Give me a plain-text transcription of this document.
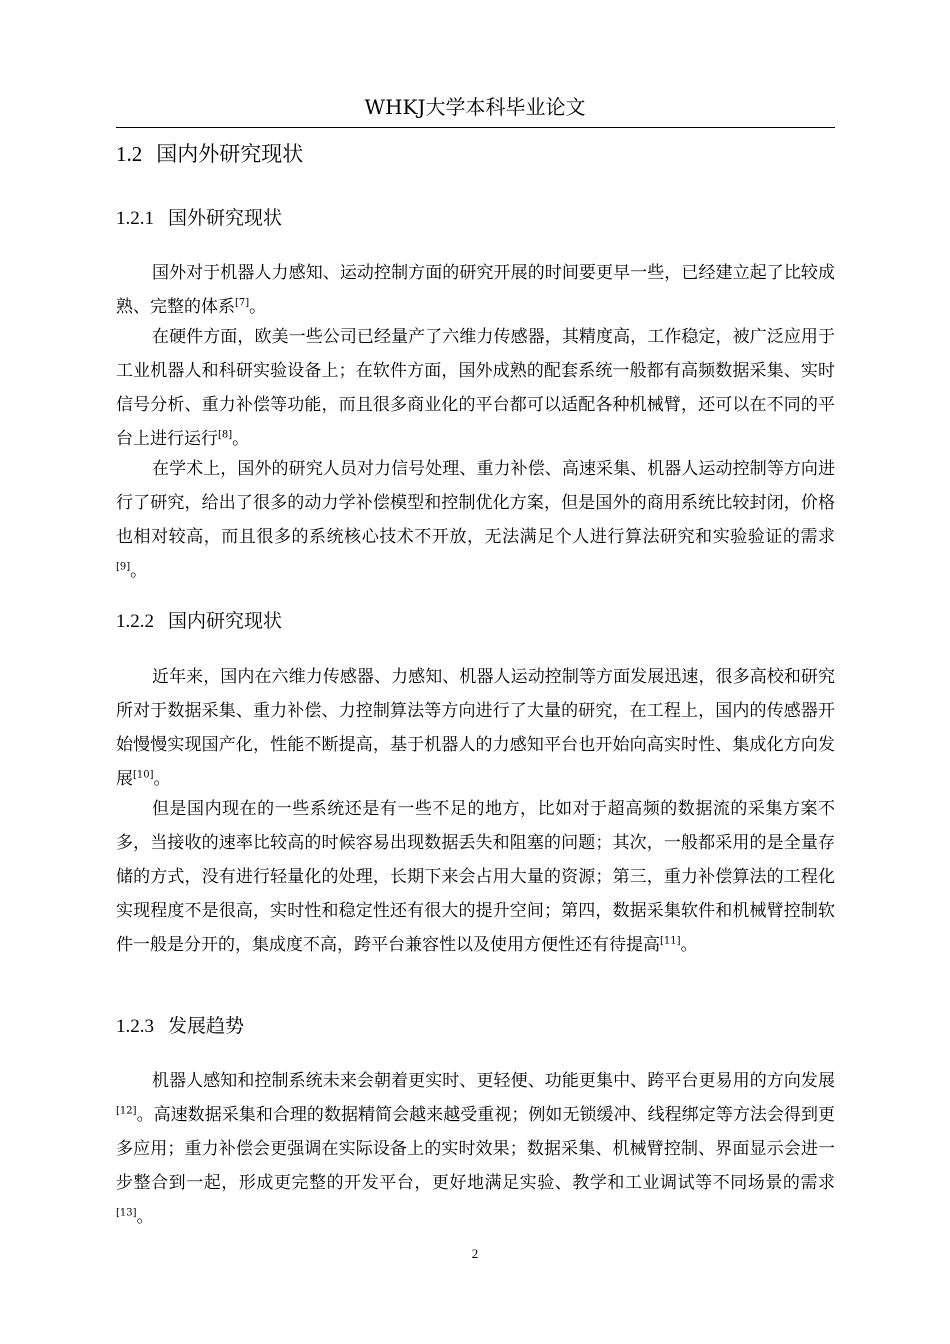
WHKJ大学本科毕业论文
1.2 国内外研究现状
1.2.1 国外研究现状
国外对于机器人力感知、运动控制方面的研究开展的时间要更早一些，已经建立起了比较成熟、完整的体系[7]。
在硬件方面，欧美一些公司已经量产了六维力传感器，其精度高，工作稳定，被广泛应用于工业机器人和科研实验设备上；在软件方面，国外成熟的配套系统一般都有高频数据采集、实时信号分析、重力补偿等功能，而且很多商业化的平台都可以适配各种机械臂，还可以在不同的平台上进行运行[8]。
在学术上，国外的研究人员对力信号处理、重力补偿、高速采集、机器人运动控制等方向进行了研究，给出了很多的动力学补偿模型和控制优化方案，但是国外的商用系统比较封闭，价格也相对较高，而且很多的系统核心技术不开放，无法满足个人进行算法研究和实验验证的需求[9]。
1.2.2 国内研究现状
近年来，国内在六维力传感器、力感知、机器人运动控制等方面发展迅速，很多高校和研究所对于数据采集、重力补偿、力控制算法等方向进行了大量的研究，在工程上，国内的传感器开始慢慢实现国产化，性能不断提高，基于机器人的力感知平台也开始向高实时性、集成化方向发展[10]。
但是国内现在的一些系统还是有一些不足的地方，比如对于超高频的数据流的采集方案不多，当接收的速率比较高的时候容易出现数据丢失和阻塞的问题；其次，一般都采用的是全量存储的方式，没有进行轻量化的处理，长期下来会占用大量的资源；第三，重力补偿算法的工程化实现程度不是很高，实时性和稳定性还有很大的提升空间；第四，数据采集软件和机械臂控制软件一般是分开的，集成度不高，跨平台兼容性以及使用方便性还有待提高[11]。
1.2.3 发展趋势
机器人感知和控制系统未来会朝着更实时、更轻便、功能更集中、跨平台更易用的方向发展[12]。高速数据采集和合理的数据精简会越来越受重视；例如无锁缓冲、线程绑定等方法会得到更多应用；重力补偿会更强调在实际设备上的实时效果；数据采集、机械臂控制、界面显示会进一步整合到一起，形成更完整的开发平台，更好地满足实验、教学和工业调试等不同场景的需求[13]。
2
